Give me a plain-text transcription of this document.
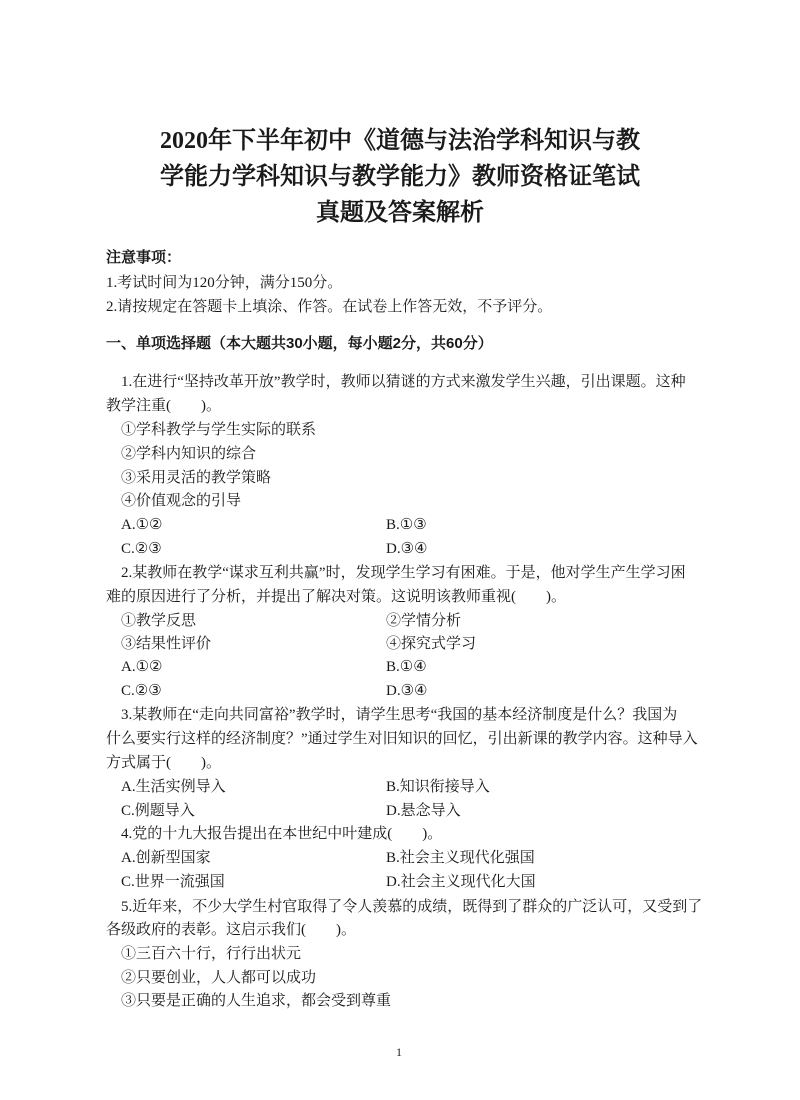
2020年下半年初中《道德与法治学科知识与教
学能力学科知识与教学能力》教师资格证笔试
真题及答案解析
注意事项：
1.考试时间为120分钟，满分150分。
2.请按规定在答题卡上填涂、作答。在试卷上作答无效，不予评分。
一、单项选择题（本大题共30小题，每小题2分，共60分）
1.在进行“坚持改革开放”教学时，教师以猜谜的方式来激发学生兴趣，引出课题。这种
教学注重(　　)。
①学科教学与学生实际的联系
②学科内知识的综合
③采用灵活的教学策略
④价值观念的引导
A.①②	B.①③
C.②③	D.③④
2.某教师在教学“谋求互利共赢”时，发现学生学习有困难。于是，他对学生产生学习困
难的原因进行了分析，并提出了解决对策。这说明该教师重视(　　)。
①教学反思	②学情分析
③结果性评价	④探究式学习
A.①②	B.①④
C.②③	D.③④
3.某教师在“走向共同富裕”教学时，请学生思考“我国的基本经济制度是什么？我国为
什么要实行这样的经济制度？”通过学生对旧知识的回忆，引出新课的教学内容。这种导入
方式属于(　　)。
A.生活实例导入	B.知识衔接导入
C.例题导入	D.悬念导入
4.党的十九大报告提出在本世纪中叶建成(　　)。
A.创新型国家	B.社会主义现代化强国
C.世界一流强国	D.社会主义现代化大国
5.近年来，不少大学生村官取得了令人羡慕的成绩，既得到了群众的广泛认可，又受到了
各级政府的表彰。这启示我们(　　)。
①三百六十行，行行出状元
②只要创业，人人都可以成功
③只要是正确的人生追求，都会受到尊重
1
